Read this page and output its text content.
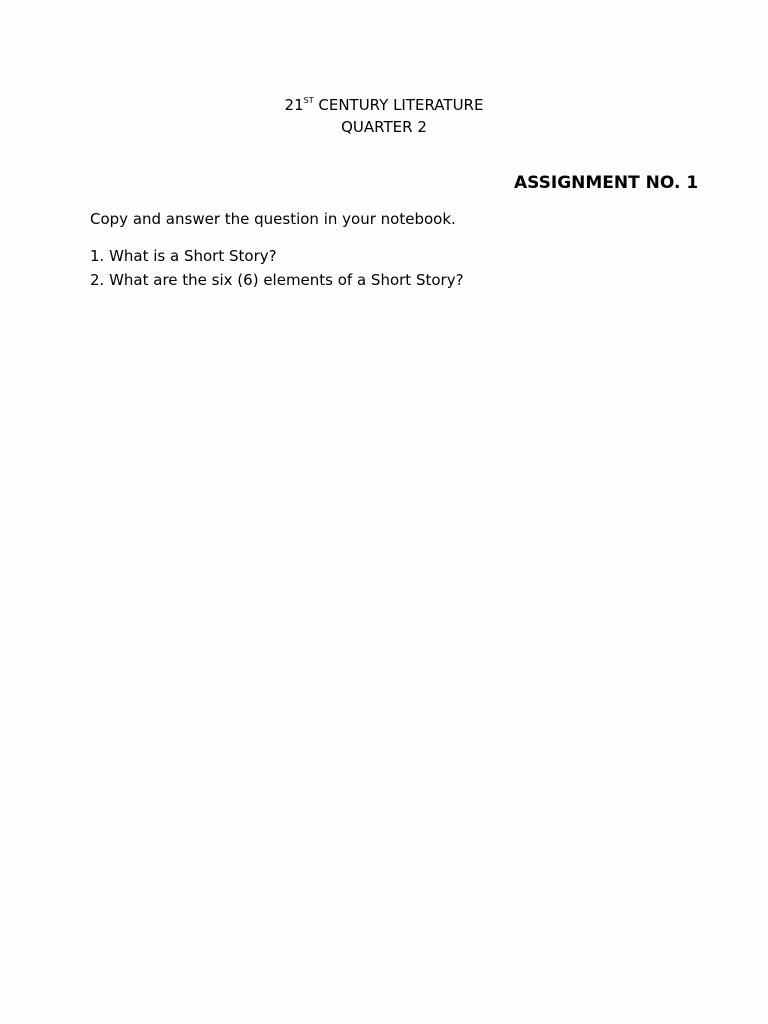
21ST CENTURY LITERATURE
QUARTER 2
ASSIGNMENT NO. 1
Copy and answer the question in your notebook.
1. What is a Short Story?
2. What are the six (6) elements of a Short Story?
